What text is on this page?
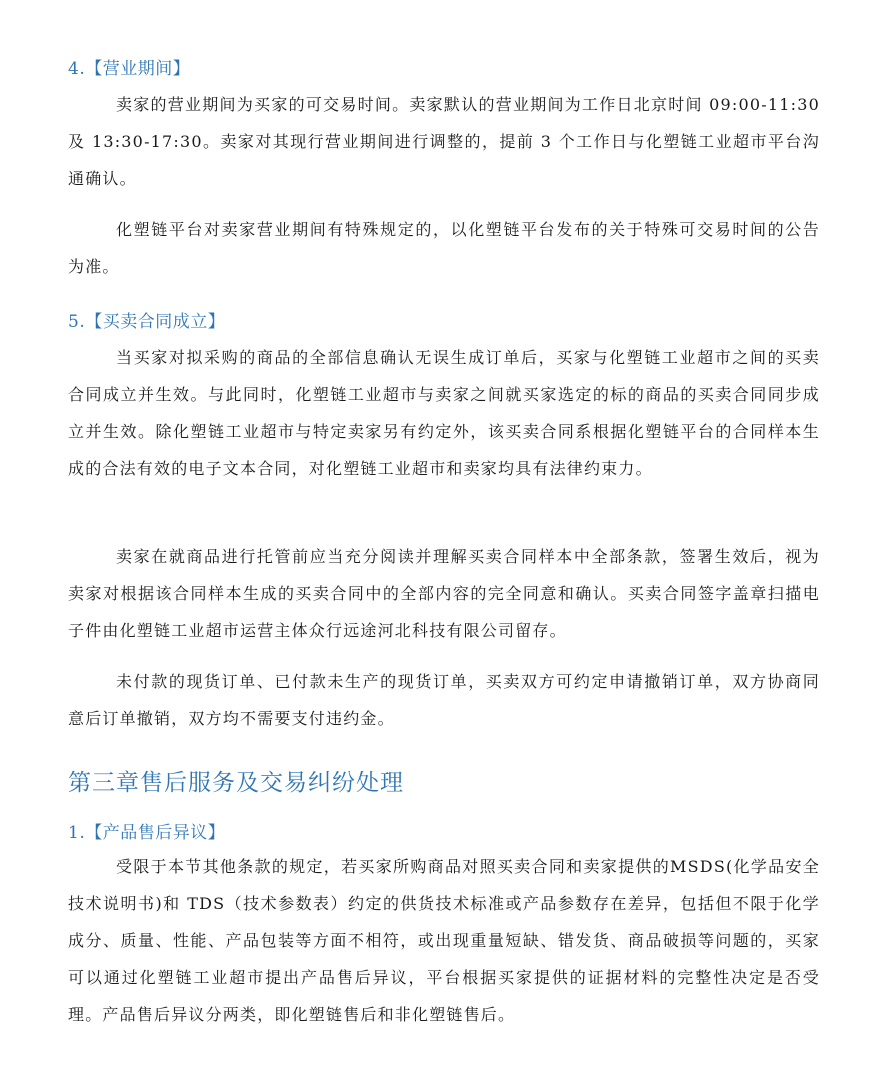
4.【营业期间】

卖家的营业期间为买家的可交易时间。卖家默认的营业期间为工作日北京时间 09:00-11:30 及 13:30-17:30。卖家对其现行营业期间进行调整的，提前 3 个工作日与化塑链工业超市平台沟通确认。

化塑链平台对卖家营业期间有特殊规定的，以化塑链平台发布的关于特殊可交易时间的公告为准。

5.【买卖合同成立】

当买家对拟采购的商品的全部信息确认无误生成订单后，买家与化塑链工业超市之间的买卖合同成立并生效。与此同时，化塑链工业超市与卖家之间就买家选定的标的商品的买卖合同同步成立并生效。除化塑链工业超市与特定卖家另有约定外，该买卖合同系根据化塑链平台的合同样本生成的合法有效的电子文本合同，对化塑链工业超市和卖家均具有法律约束力。

卖家在就商品进行托管前应当充分阅读并理解买卖合同样本中全部条款，签署生效后，视为卖家对根据该合同样本生成的买卖合同中的全部内容的完全同意和确认。买卖合同签字盖章扫描电子件由化塑链工业超市运营主体众行远途河北科技有限公司留存。

未付款的现货订单、已付款未生产的现货订单，买卖双方可约定申请撤销订单，双方协商同意后订单撤销，双方均不需要支付违约金。

第三章售后服务及交易纠纷处理
1.【产品售后异议】

受限于本节其他条款的规定，若买家所购商品对照买卖合同和卖家提供的MSDS(化学品安全技术说明书)和 TDS（技术参数表）约定的供货技术标准或产品参数存在差异，包括但不限于化学成分、质量、性能、产品包装等方面不相符，或出现重量短缺、错发货、商品破损等问题的，买家可以通过化塑链工业超市提出产品售后异议，平台根据买家提供的证据材料的完整性决定是否受理。产品售后异议分两类，即化塑链售后和非化塑链售后。
